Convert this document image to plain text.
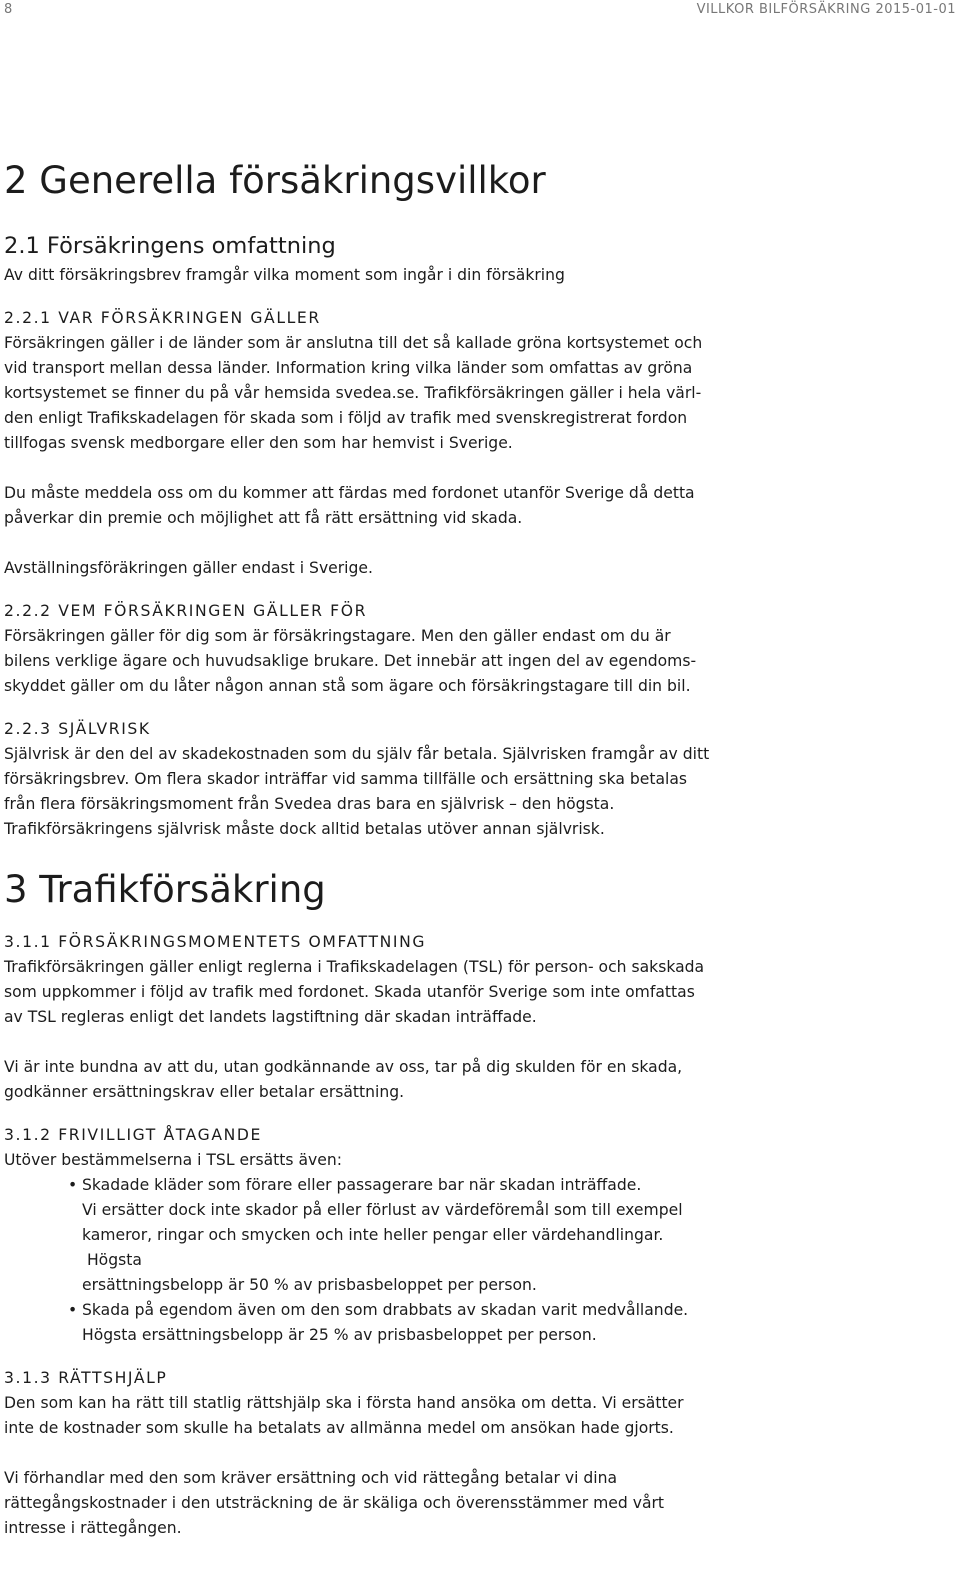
8	VILLKOR BILFÖRSÄKRING 2015-01-01
2 Generella försäkringsvillkor
2.1 Försäkringens omfattning

Av ditt försäkringsbrev framgår vilka moment som ingår i din försäkring

2.2.1 VAR FÖRSÄKRINGEN GÄLLER

Försäkringen gäller i de länder som är anslutna till det så kallade gröna kortsystemet och

vid transport mellan dessa länder. Information kring vilka länder som omfattas av gröna

kortsystemet se finner du på vår hemsida svedea.se. Trafikförsäkringen gäller i hela värl-

den enligt Trafikskadelagen för skada som i följd av trafik med svenskregistrerat fordon

tillfogas svensk medborgare eller den som har hemvist i Sverige.

Du måste meddela oss om du kommer att färdas med fordonet utanför Sverige då detta

påverkar din premie och möjlighet att få rätt ersättning vid skada.

Avställningsföräkringen gäller endast i Sverige.

2.2.2 VEM FÖRSÄKRINGEN GÄLLER FÖR

Försäkringen gäller för dig som är försäkringstagare. Men den gäller endast om du är

bilens verklige ägare och huvudsaklige brukare. Det innebär att ingen del av egendoms-

skyddet gäller om du låter någon annan stå som ägare och försäkringstagare till din bil.

2.2.3 SJÄLVRISK

Självrisk är den del av skadekostnaden som du själv får betala. Självrisken framgår av ditt

försäkringsbrev. Om flera skador inträffar vid samma tillfälle och ersättning ska betalas

från flera försäkringsmoment från Svedea dras bara en självrisk – den högsta.

Trafikförsäkringens självrisk måste dock alltid betalas utöver annan självrisk.

3 Trafikförsäkring
3.1.1 FÖRSÄKRINGSMOMENTETS OMFATTNING

Trafikförsäkringen gäller enligt reglerna i Trafikskadelagen (TSL) för person- och sakskada

som uppkommer i följd av trafik med fordonet. Skada utanför Sverige som inte omfattas

av TSL regleras enligt det landets lagstiftning där skadan inträffade.

Vi är inte bundna av att du, utan godkännande av oss, tar på dig skulden för en skada,

godkänner ersättningskrav eller betalar ersättning.

3.1.2 FRIVILLIGT ÅTAGANDE

Utöver bestämmelserna i TSL ersätts även:

• Skadade kläder som förare eller passagerare bar när skadan inträffade.
Vi ersätter dock inte skador på eller förlust av värdeföremål som till exempel
kameror, ringar och smycken och inte heller pengar eller värdehandlingar.
Högsta
ersättningsbelopp är 50 % av prisbasbeloppet per person.
• Skada på egendom även om den som drabbats av skadan varit medvållande.
Högsta ersättningsbelopp är 25 % av prisbasbeloppet per person.
3.1.3 RÄTTSHJÄLP

Den som kan ha rätt till statlig rättshjälp ska i första hand ansöka om detta. Vi ersätter

inte de kostnader som skulle ha betalats av allmänna medel om ansökan hade gjorts.

Vi förhandlar med den som kräver ersättning och vid rättegång betalar vi dina

rättegångskostnader i den utsträckning de är skäliga och överensstämmer med vårt

intresse i rättegången.
